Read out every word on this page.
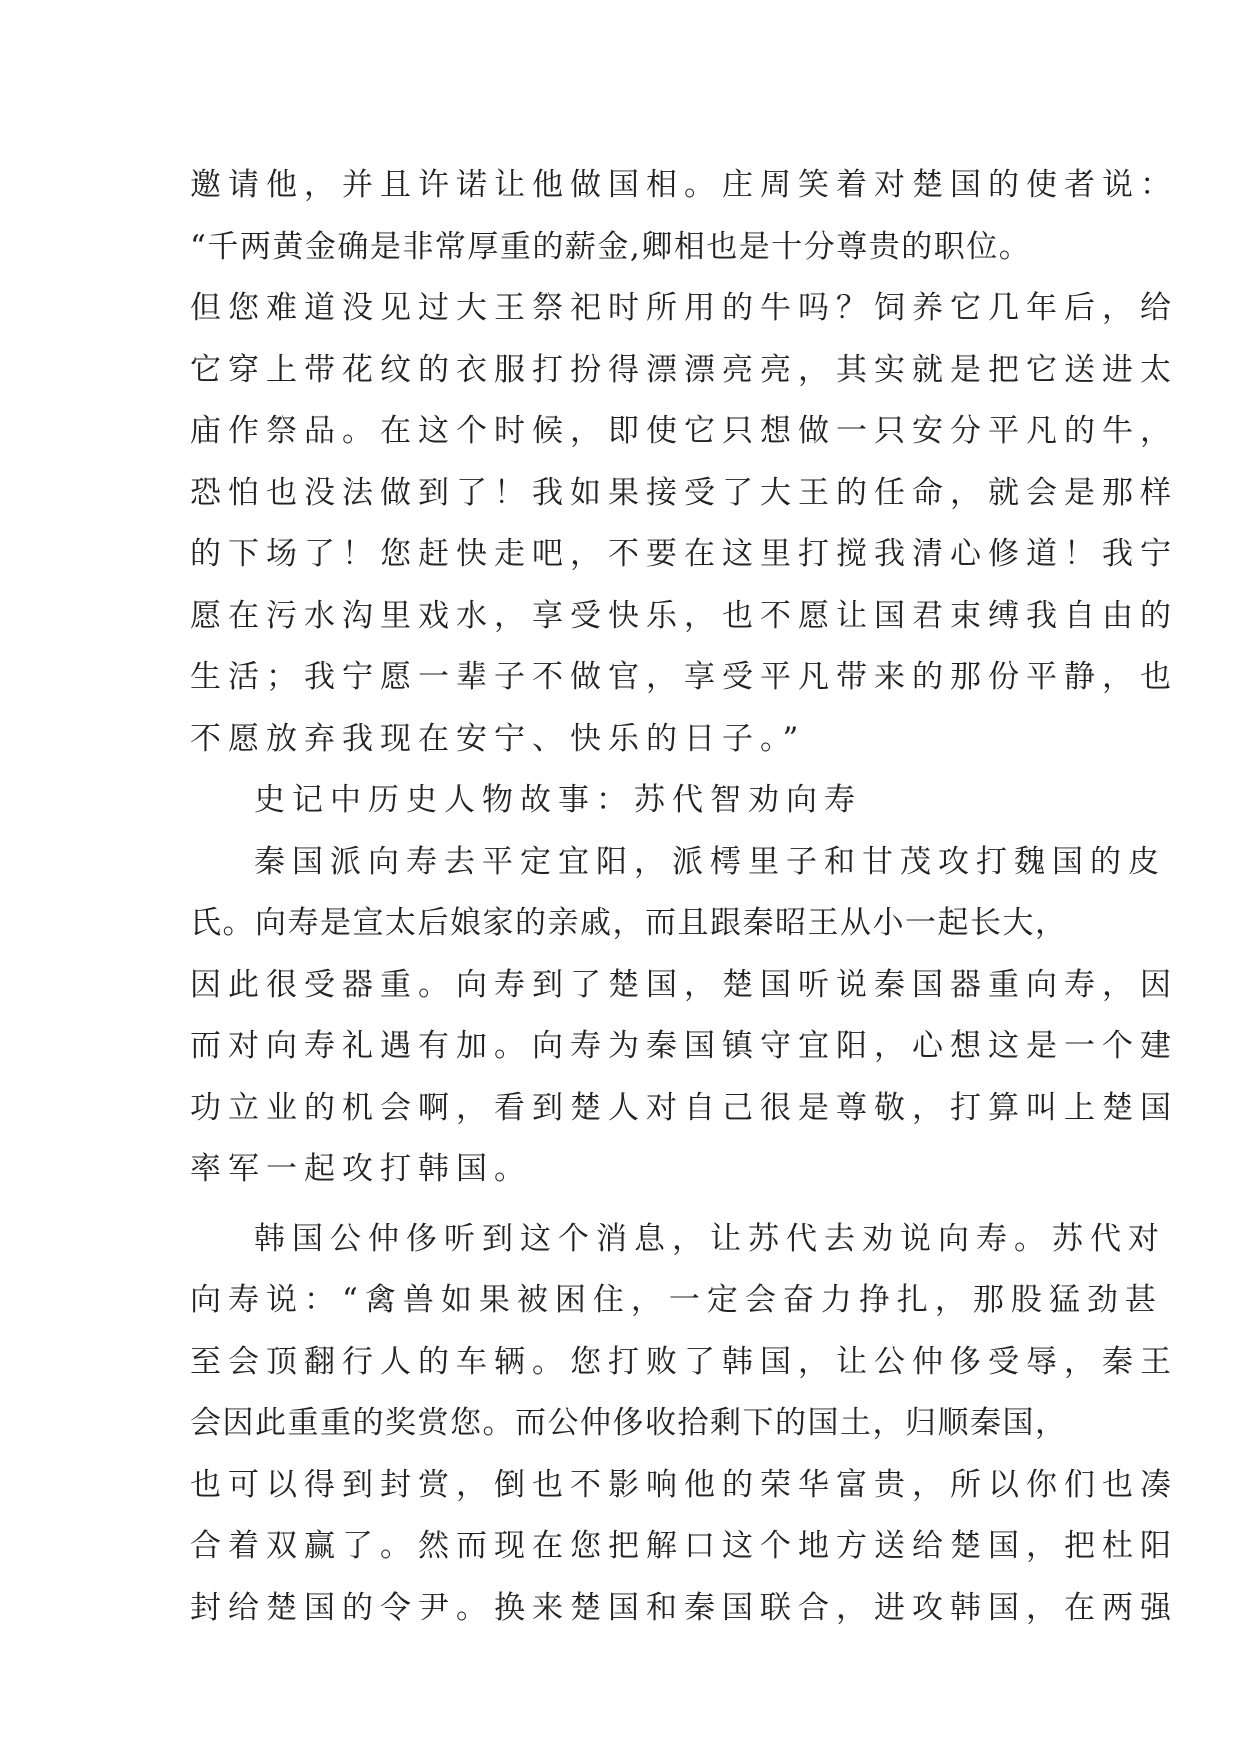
邀请他，并且许诺让他做国相。庄周笑着对楚国的使者说：
“千两黄金确是非常厚重的薪金,卿相也是十分尊贵的职位。
但您难道没见过大王祭祀时所用的牛吗？饲养它几年后，给
它穿上带花纹的衣服打扮得漂漂亮亮，其实就是把它送进太
庙作祭品。在这个时候，即使它只想做一只安分平凡的牛，
恐怕也没法做到了！我如果接受了大王的任命，就会是那样
的下场了！您赶快走吧，不要在这里打搅我清心修道！我宁
愿在污水沟里戏水，享受快乐，也不愿让国君束缚我自由的
生活；我宁愿一辈子不做官，享受平凡带来的那份平静，也
不愿放弃我现在安宁、快乐的日子。”
史记中历史人物故事：苏代智劝向寿
秦国派向寿去平定宜阳，派樗里子和甘茂攻打魏国的皮
氏。向寿是宣太后娘家的亲戚，而且跟秦昭王从小一起长大，
因此很受器重。向寿到了楚国，楚国听说秦国器重向寿，因
而对向寿礼遇有加。向寿为秦国镇守宜阳，心想这是一个建
功立业的机会啊，看到楚人对自己很是尊敬，打算叫上楚国
率军一起攻打韩国。
韩国公仲侈听到这个消息，让苏代去劝说向寿。苏代对
向寿说：“禽兽如果被困住，一定会奋力挣扎，那股猛劲甚
至会顶翻行人的车辆。您打败了韩国，让公仲侈受辱，秦王
会因此重重的奖赏您。而公仲侈收拾剩下的国土，归顺秦国，
也可以得到封赏，倒也不影响他的荣华富贵，所以你们也凑
合着双赢了。然而现在您把解口这个地方送给楚国，把杜阳
封给楚国的令尹。换来楚国和秦国联合，进攻韩国，在两强
